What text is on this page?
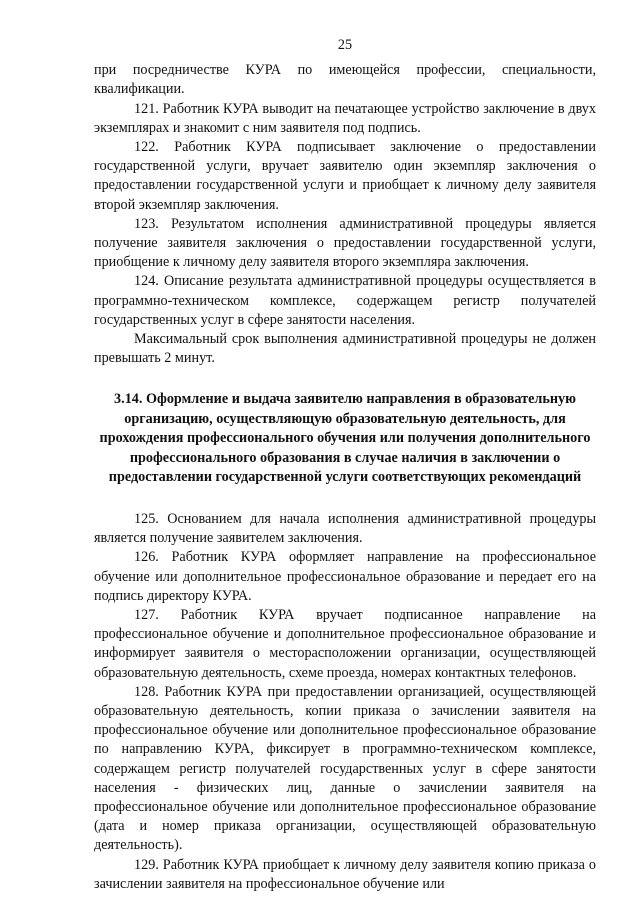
25

при посредничестве КУРА по имеющейся профессии, специальности, квалификации.

121. Работник КУРА выводит на печатающее устройство заключение в двух экземплярах и знакомит с ним заявителя под подпись.

122. Работник КУРА подписывает заключение о предоставлении государственной услуги, вручает заявителю один экземпляр заключения о предоставлении государственной услуги и приобщает к личному делу заявителя второй экземпляр заключения.

123. Результатом исполнения административной процедуры является получение заявителя заключения о предоставлении государственной услуги, приобщение к личному делу заявителя второго экземпляра заключения.

124. Описание результата административной процедуры осуществляется в программно-техническом комплексе, содержащем регистр получателей государственных услуг в сфере занятости населения.

Максимальный срок выполнения административной процедуры не должен превышать 2 минут.

3.14. Оформление и выдача заявителю направления в образовательную организацию, осуществляющую образовательную деятельность, для прохождения профессионального обучения или получения дополнительного профессионального образования в случае наличия в заключении о предоставлении государственной услуги соответствующих рекомендаций

125. Основанием для начала исполнения административной процедуры является получение заявителем заключения.

126. Работник КУРА оформляет направление на профессиональное обучение или дополнительное профессиональное образование и передает его на подпись директору КУРА.

127. Работник КУРА вручает подписанное направление на профессиональное обучение и дополнительное профессиональное образование и информирует заявителя о месторасположении организации, осуществляющей образовательную деятельность, схеме проезда, номерах контактных телефонов.

128. Работник КУРА при предоставлении организацией, осуществляющей образовательную деятельность, копии приказа о зачислении заявителя на профессиональное обучение или дополнительное профессиональное образование по направлению КУРА, фиксирует в программно-техническом комплексе, содержащем регистр получателей государственных услуг в сфере занятости населения - физических лиц, данные о зачислении заявителя на профессиональное обучение или дополнительное профессиональное образование (дата и номер приказа организации, осуществляющей образовательную деятельность).

129. Работник КУРА приобщает к личному делу заявителя копию приказа о зачислении заявителя на профессиональное обучение или
